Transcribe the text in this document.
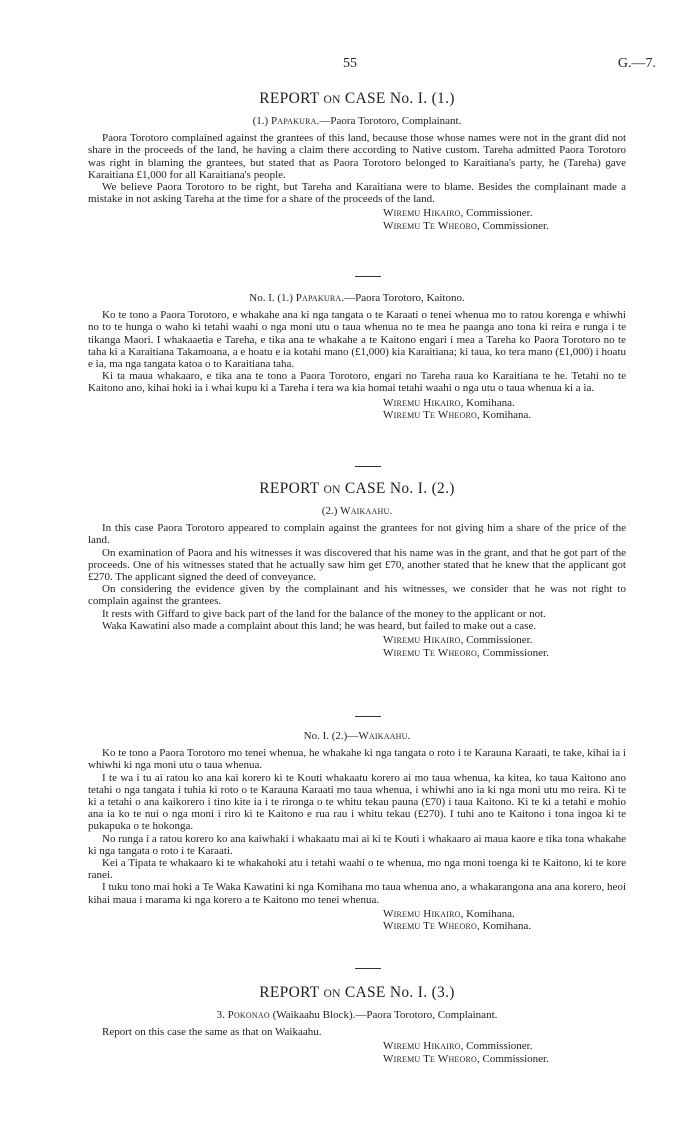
55	G.—7.
REPORT ON CASE No. I. (1.)
(1.) Papakura.—Paora Torotoro, Complainant.

Paora Torotoro complained against the grantees of this land, because those whose names were not in the grant did not share in the proceeds of the land, he having a claim there according to Native custom. Tareha admitted Paora Torotoro was right in blaming the grantees, but stated that as Paora Torotoro belonged to Karaitiana's party, he (Tareha) gave Karaitiana £1,000 for all Karaitiana's people.

We believe Paora Torotoro to be right, but Tareha and Karaitiana were to blame. Besides the complainant made a mistake in not asking Tareha at the time for a share of the proceeds of the land.

Wiremu Hikairo, Commissioner.
Wiremu Te Wheoro, Commissioner.
No. I. (1.) Papakura.—Paora Torotoro, Kaitono.

Ko te tono a Paora Torotoro, e whakahe ana ki nga tangata o te Karaati o tenei whenua mo to ratou korenga e whiwhi no to te hunga o waho ki tetahi waahi o nga moni utu o taua whenua no te mea he paanga ano tona ki reira e runga i te tikanga Maori. I whakaaetia e Tareha, e tika ana te whakahe a te Kaitono engari i mea a Tareha ko Paora Torotoro no te taha ki a Karaitiana Takamoana, a e hoatu e ia kotahi mano (£1,000) kia Karaitiana; ki taua, ko tera mano (£1,000) i hoatu e ia, ma nga tangata katoa o to Karaitiana taha.

Ki ta maua whakaaro, e tika ana te tono a Paora Torotoro, engari no Tareha raua ko Karaitiana te he. Tetahi no te Kaitono ano, kihai hoki ia i whai kupu ki a Tareha i tera wa kia homai tetahi waahi o nga utu o taua whenua ki a ia.

Wiremu Hikairo, Komihana.
Wiremu Te Wheoro, Komihana.
REPORT ON CASE No. I. (2.)
(2.) Waikaahu.

In this case Paora Torotoro appeared to complain against the grantees for not giving him a share of the price of the land.

On examination of Paora and his witnesses it was discovered that his name was in the grant, and that he got part of the proceeds. One of his witnesses stated that he actually saw him get £70, another stated that he knew that the applicant got £270. The applicant signed the deed of conveyance.

On considering the evidence given by the complainant and his witnesses, we consider that he was not right to complain against the grantees.

It rests with Giffard to give back part of the land for the balance of the money to the applicant or not.

Waka Kawatini also made a complaint about this land; he was heard, but failed to make out a case.

Wiremu Hikairo, Commissioner.
Wiremu Te Wheoro, Commissioner.
No. I. (2.)—Waikaahu.

Ko te tono a Paora Torotoro mo tenei whenua, he whakahe ki nga tangata o roto i te Karauna Karaati, te take, kihai ia i whiwhi ki nga moni utu o taua whenua.

I te wa i tu ai ratou ko ana kai korero ki te Kouti whakaatu korero ai mo taua whenua, ka kitea, ko taua Kaitono ano tetahi o nga tangata i tuhia ki roto o te Karauna Karaati mo taua whenua, i whiwhi ano ia ki nga moni utu mo reira. Ki te ki a tetahi o ana kaikorero i tino kite ia i te rironga o te whitu tekau pauna (£70) i taua Kaitono. Ki te ki a tetahi e mohio ana ia ko te nui o nga moni i riro ki te Kaitono e rua rau i whitu tekau (£270). I tuhi ano te Kaitono i tona ingoa ki te pukapuka o te hokonga.

No runga i a ratou korero ko ana kaiwhaki i whakaatu mai ai ki te Kouti i whakaaro ai maua kaore e tika tona whakahe ki nga tangata o roto i te Karaati.

Kei a Tipata te whakaaro ki te whakahoki atu i tetahi waahi o te whenua, mo nga moni toenga ki te Kaitono, ki te kore ranei.

I tuku tono mai hoki a Te Waka Kawatini ki nga Komihana mo taua whenua ano, a whakarangona ana ana korero, heoi kihai maua i marama ki nga korero a te Kaitono mo tenei whenua.

Wiremu Hikairo, Komihana.
Wiremu Te Wheoro, Komihana.
REPORT ON CASE No. I. (3.)
3. Pokonao (Waikaahu Block).—Paora Torotoro, Complainant.

Report on this case the same as that on Waikaahu.

Wiremu Hikairo, Commissioner.
Wiremu Te Wheoro, Commissioner.
